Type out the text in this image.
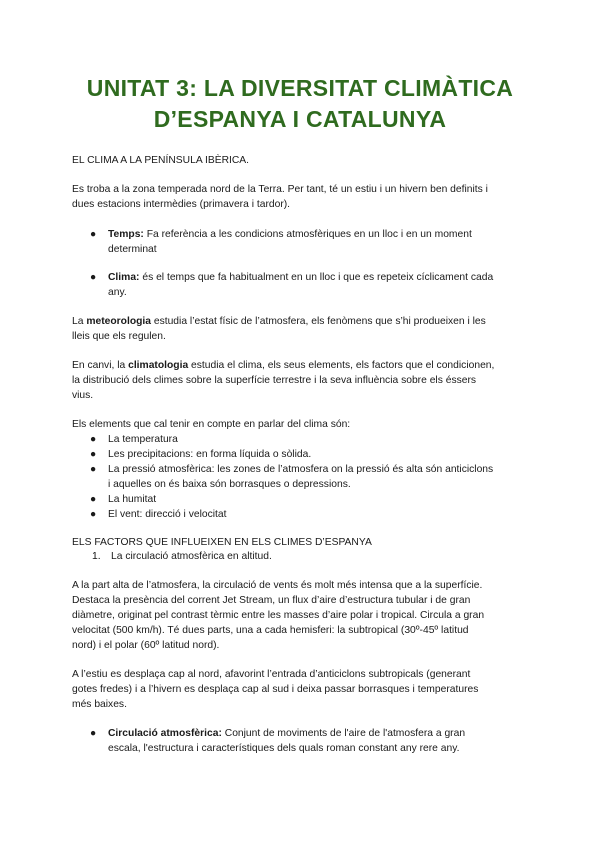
UNITAT 3: LA DIVERSITAT CLIMÀTICA
D’ESPANYA I CATALUNYA
EL CLIMA A LA PENÍNSULA IBÈRICA.
Es troba a la zona temperada nord de la Terra. Per tant, té un estiu i un hivern ben definits i
dues estacions intermèdies (primavera i tardor).
● Temps: Fa referència a les condicions atmosfèriques en un lloc i en un moment
determinat
● Clima: és el temps que fa habitualment en un lloc i que es repeteix cíclicament cada
any.
La meteorologia estudia l’estat físic de l’atmosfera, els fenòmens que s’hi produeixen i les
lleis que els regulen.
En canvi, la climatologia estudia el clima, els seus elements, els factors que el condicionen,
la distribució dels climes sobre la superfície terrestre i la seva influència sobre els éssers
vius.
Els elements que cal tenir en compte en parlar del clima són:
● La temperatura
● Les precipitacions: en forma líquida o sòlida.
● La pressió atmosfèrica: les zones de l’atmosfera on la pressió és alta són anticiclons
i aquelles on és baixa són borrasques o depressions.
● La humitat
● El vent: direcció i velocitat
ELS FACTORS QUE INFLUEIXEN EN ELS CLIMES D’ESPANYA
1. La circulació atmosfèrica en altitud.
A la part alta de l’atmosfera, la circulació de vents és molt més intensa que a la superfície.
Destaca la presència del corrent Jet Stream, un flux d’aire d’estructura tubular i de gran
diàmetre, originat pel contrast tèrmic entre les masses d’aire polar i tropical. Circula a gran
velocitat (500 km/h). Té dues parts, una a cada hemisferi: la subtropical (30º-45º latitud
nord) i el polar (60º latitud nord).
A l’estiu es desplaça cap al nord, afavorint l’entrada d’anticiclons subtropicals (generant
gotes fredes) i a l’hivern es desplaça cap al sud i deixa passar borrasques i temperatures
més baixes.
● Circulació atmosfèrica: Conjunt de moviments de l'aire de l'atmosfera a gran
escala, l'estructura i característiques dels quals roman constant any rere any.
